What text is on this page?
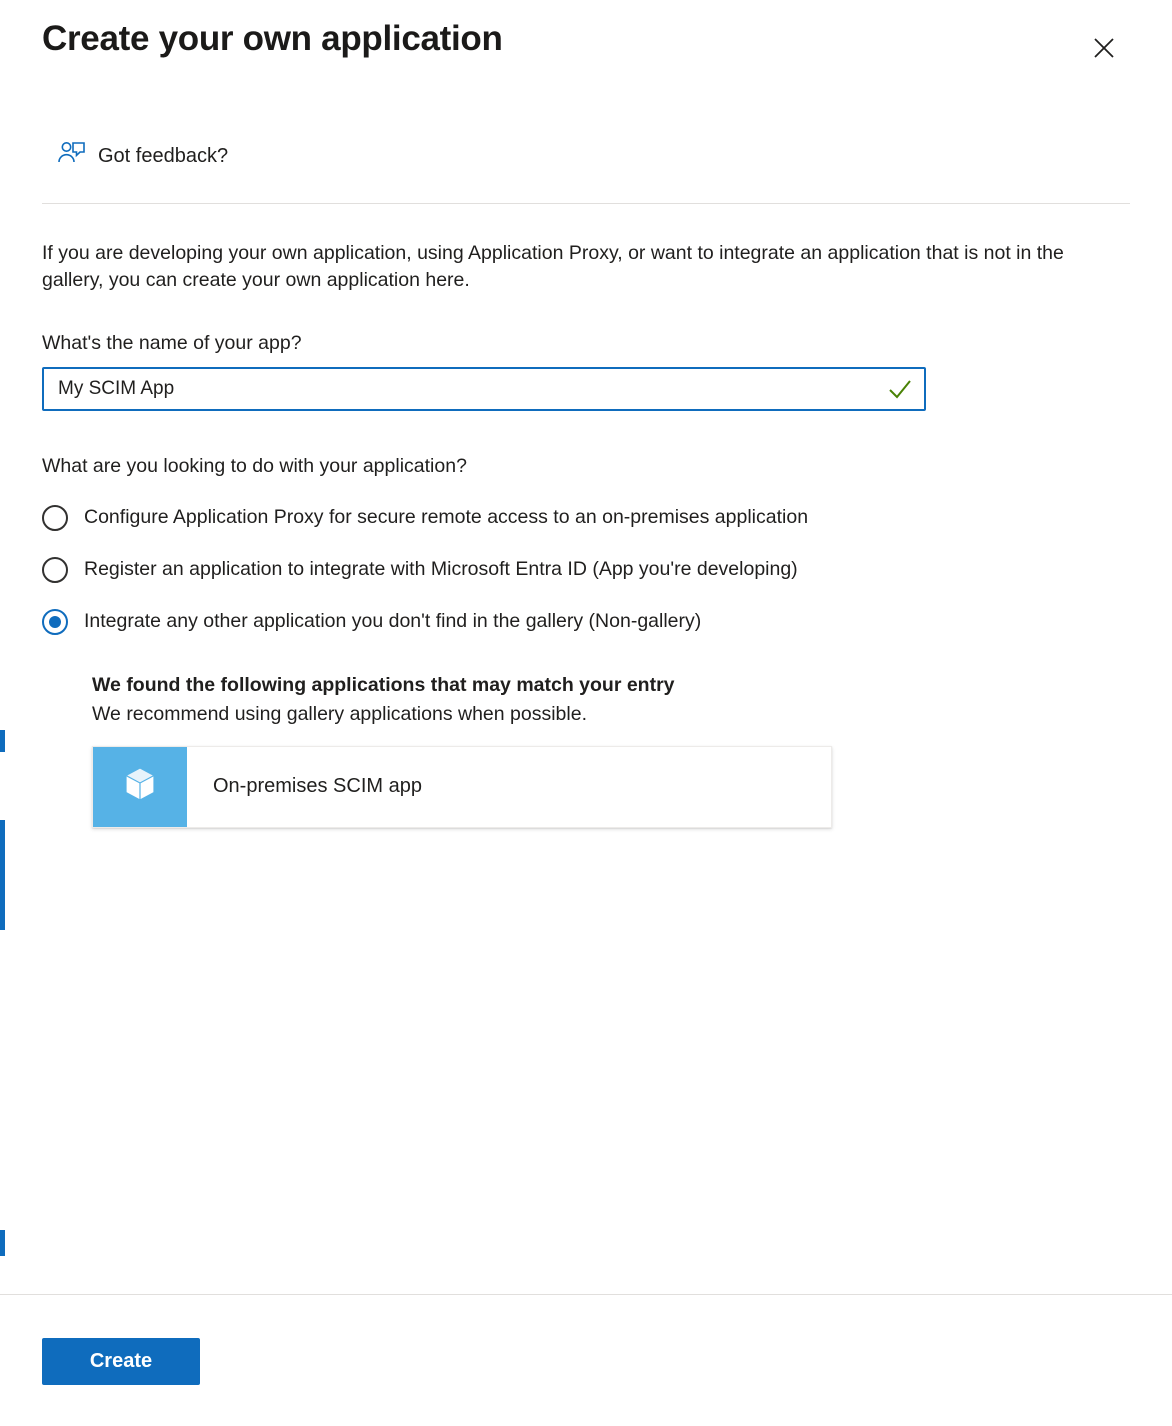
Create your own application
Got feedback?

If you are developing your own application, using Application Proxy, or want to integrate an application that is not in the gallery, you can create your own application here.

What's the name of your app?
My SCIM App
What are you looking to do with your application?
Configure Application Proxy for secure remote access to an on-premises application
Register an application to integrate with Microsoft Entra ID (App you're developing)
Integrate any other application you don't find in the gallery (Non-gallery)
We found the following applications that may match your entry
We recommend using gallery applications when possible.
On-premises SCIM app
Create
